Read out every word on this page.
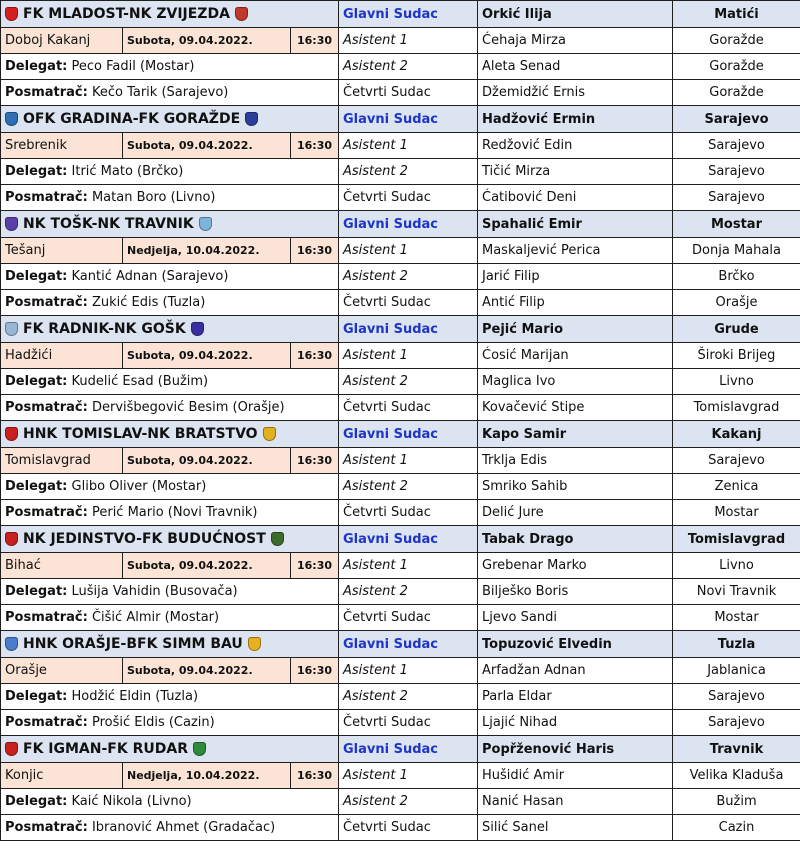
FK MLADOST-NK ZVIJEZDA			Glavni Sudac	Orkić Ilija	Matići
Doboj Kakanj	Subota, 09.04.2022.	16:30	Asistent 1	Ćehaja Mirza	Goražde
Delegat: Peco Fadil (Mostar)			Asistent 2	Aleta Senad	Goražde
Posmatrač: Kečo Tarik (Sarajevo)			Četvrti Sudac	Džemidžić Ernis	Goražde
OFK GRADINA-FK GORAŽDE			Glavni Sudac	Hadžović Ermin	Sarajevo
Srebrenik	Subota, 09.04.2022.	16:30	Asistent 1	Redžović Edin	Sarajevo
Delegat: Itrić Mato (Brčko)			Asistent 2	Tičić Mirza	Sarajevo
Posmatrač: Matan Boro (Livno)			Četvrti Sudac	Ćatibović Deni	Sarajevo
NK TOŠK-NK TRAVNIK			Glavni Sudac	Spahalić Emir	Mostar
Tešanj	Nedjelja, 10.04.2022.	16:30	Asistent 1	Maskaljević Perica	Donja Mahala
Delegat: Kantić Adnan (Sarajevo)			Asistent 2	Jarić Filip	Brčko
Posmatrač: Zukić Edis (Tuzla)			Četvrti Sudac	Antić Filip	Orašje
FK RADNIK-NK GOŠK			Glavni Sudac	Pejić Mario	Grude
Hadžići	Subota, 09.04.2022.	16:30	Asistent 1	Ćosić Marijan	Široki Brijeg
Delegat: Kudelić Esad (Bužim)			Asistent 2	Maglica Ivo	Livno
Posmatrač: Dervišbegović Besim (Orašje)			Četvrti Sudac	Kovačević Stipe	Tomislavgrad
HNK TOMISLAV-NK BRATSTVO			Glavni Sudac	Kapo Samir	Kakanj
Tomislavgrad	Subota, 09.04.2022.	16:30	Asistent 1	Trklja Edis	Sarajevo
Delegat: Glibo Oliver (Mostar)			Asistent 2	Smriko Sahib	Zenica
Posmatrač: Perić Mario (Novi Travnik)			Četvrti Sudac	Delić Jure	Mostar
NK JEDINSTVO-FK BUDUĆNOST			Glavni Sudac	Tabak Drago	Tomislavgrad
Bihać	Subota, 09.04.2022.	16:30	Asistent 1	Grebenar Marko	Livno
Delegat: Lušija Vahidin (Busovača)			Asistent 2	Bilješko Boris	Novi Travnik
Posmatrač: Čišić Almir (Mostar)			Četvrti Sudac	Ljevo Sandi	Mostar
HNK ORAŠJE-BFK SIMM BAU			Glavni Sudac	Topuzović Elvedin	Tuzla
Orašje	Subota, 09.04.2022.	16:30	Asistent 1	Arfadžan Adnan	Jablanica
Delegat: Hodžić Eldin (Tuzla)			Asistent 2	Parla Eldar	Sarajevo
Posmatrač: Prošić Eldis (Cazin)			Četvrti Sudac	Ljajić Nihad	Sarajevo
FK IGMAN-FK RUDAR			Glavni Sudac	Popřženović Haris	Travnik
Konjic	Nedjelja, 10.04.2022.	16:30	Asistent 1	Hušidić Amir	Velika Kladuša
Delegat: Kaić Nikola (Livno)			Asistent 2	Nanić Hasan	Bužim
Posmatrač: Ibranović Ahmet (Gradačac)			Četvrti Sudac	Silić Sanel	Cazin
